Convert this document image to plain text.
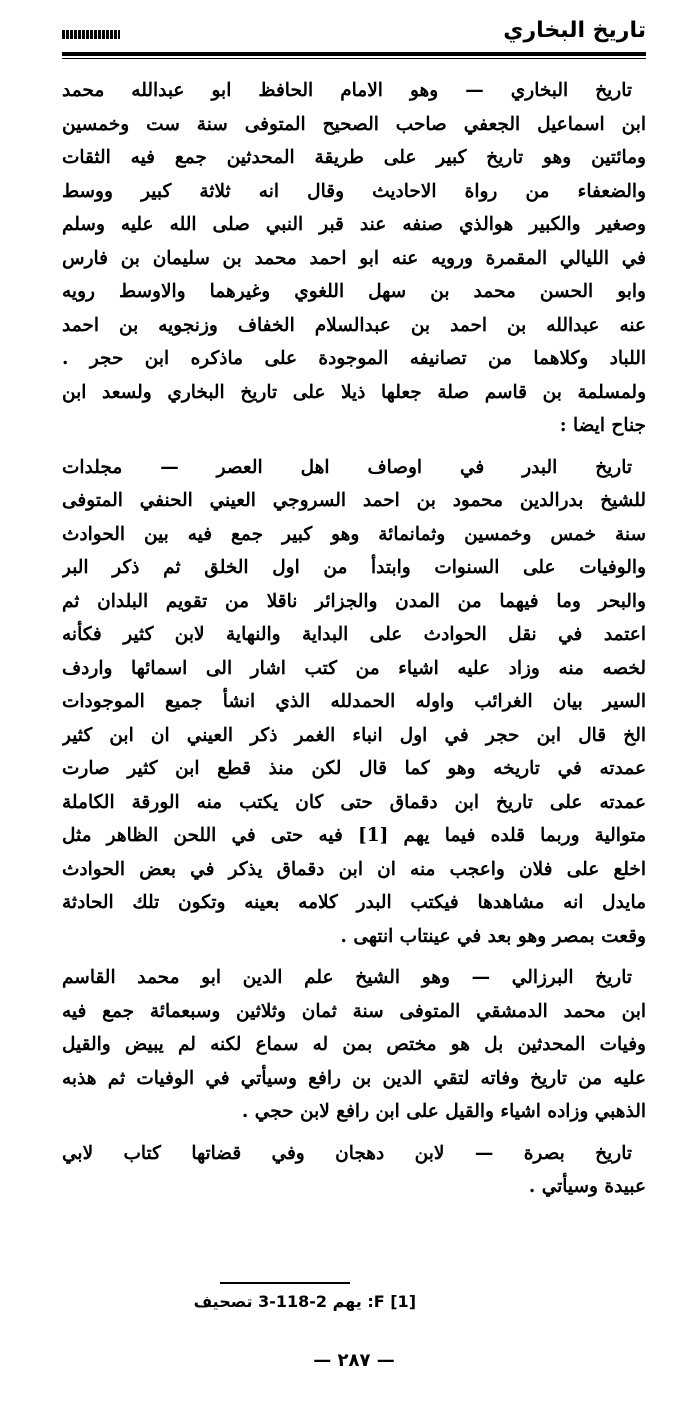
تاريخ البخاري
تاريخ البخاري — وهو الامام الحافظ ابو عبدالله محمد
ابن اسماعيل الجعفي صاحب الصحيح المتوفى سنة ست وخمسين
ومائتين وهو تاريخ كبير على طريقة المحدثين جمع فيه الثقات
والضعفاء من رواة الاحاديث وقال انه ثلاثة كبير ووسط
وصغير والكبير هوالذي صنفه عند قبر النبي صلى الله عليه وسلم
في الليالي المقمرة ورويه عنه ابو احمد محمد بن سليمان بن فارس
وابو الحسن محمد بن سهل اللغوي وغيرهما والاوسط رويه
عنه عبدالله بن احمد بن عبدالسلام الخفاف وزنجويه بن احمد
اللباد وكلاهما من تصانيفه الموجودة على ماذكره ابن حجر .
ولمسلمة بن قاسم صلة جعلها ذيلا على تاريخ البخاري ولسعد ابن
جناح ايضا :
تاريخ البدر في اوصاف اهل العصر — مجلدات
للشيخ بدرالدين محمود بن احمد السروجي العيني الحنفي المتوفى
سنة خمس وخمسين وثمانمائة وهو كبير جمع فيه بين الحوادث
والوفيات على السنوات وابتدأ من اول الخلق ثم ذكر البر
والبحر وما فيهما من المدن والجزائر ناقلا من تقويم البلدان ثم
اعتمد في نقل الحوادث على البداية والنهاية لابن كثير فكأنه
لخصه منه وزاد عليه اشياء من كتب اشار الى اسمائها واردف
السير بيان الغرائب واوله الحمدلله الذي انشأ جميع الموجودات
الخ قال ابن حجر في اول انباء الغمر ذكر العيني ان ابن كثير
عمدته في تاريخه وهو كما قال لكن منذ قطع ابن كثير صارت
عمدته على تاريخ ابن دقماق حتى كان يكتب منه الورقة الكاملة
متوالية وربما قلده فيما يهم [1] فيه حتى في اللحن الظاهر مثل
اخلع على فلان واعجب منه ان ابن دقماق يذكر في بعض الحوادث
مايدل انه مشاهدها فيكتب البدر كلامه بعينه وتكون تلك الحادثة
وقعت بمصر وهو بعد في عينتاب انتهى .
تاريخ البرزالي — وهو الشيخ علم الدين ابو محمد القاسم
ابن محمد الدمشقي المتوفى سنة ثمان وثلاثين وسبعمائة جمع فيه
وفيات المحدثين بل هو مختص بمن له سماع لكنه لم يبيض والقيل
عليه من تاريخ وفاته لتقي الدين بن رافع وسيأتي في الوفيات ثم هذبه
الذهبي وزاده اشياء والقيل على ابن رافع لابن حجي .
تاريخ بصرة — لابن دهجان وفي قضاتها كتاب لابي
عبيدة وسيأتي .
[1] F: يهم 2-118-3 تصحيف
— ٢٨٧ —
